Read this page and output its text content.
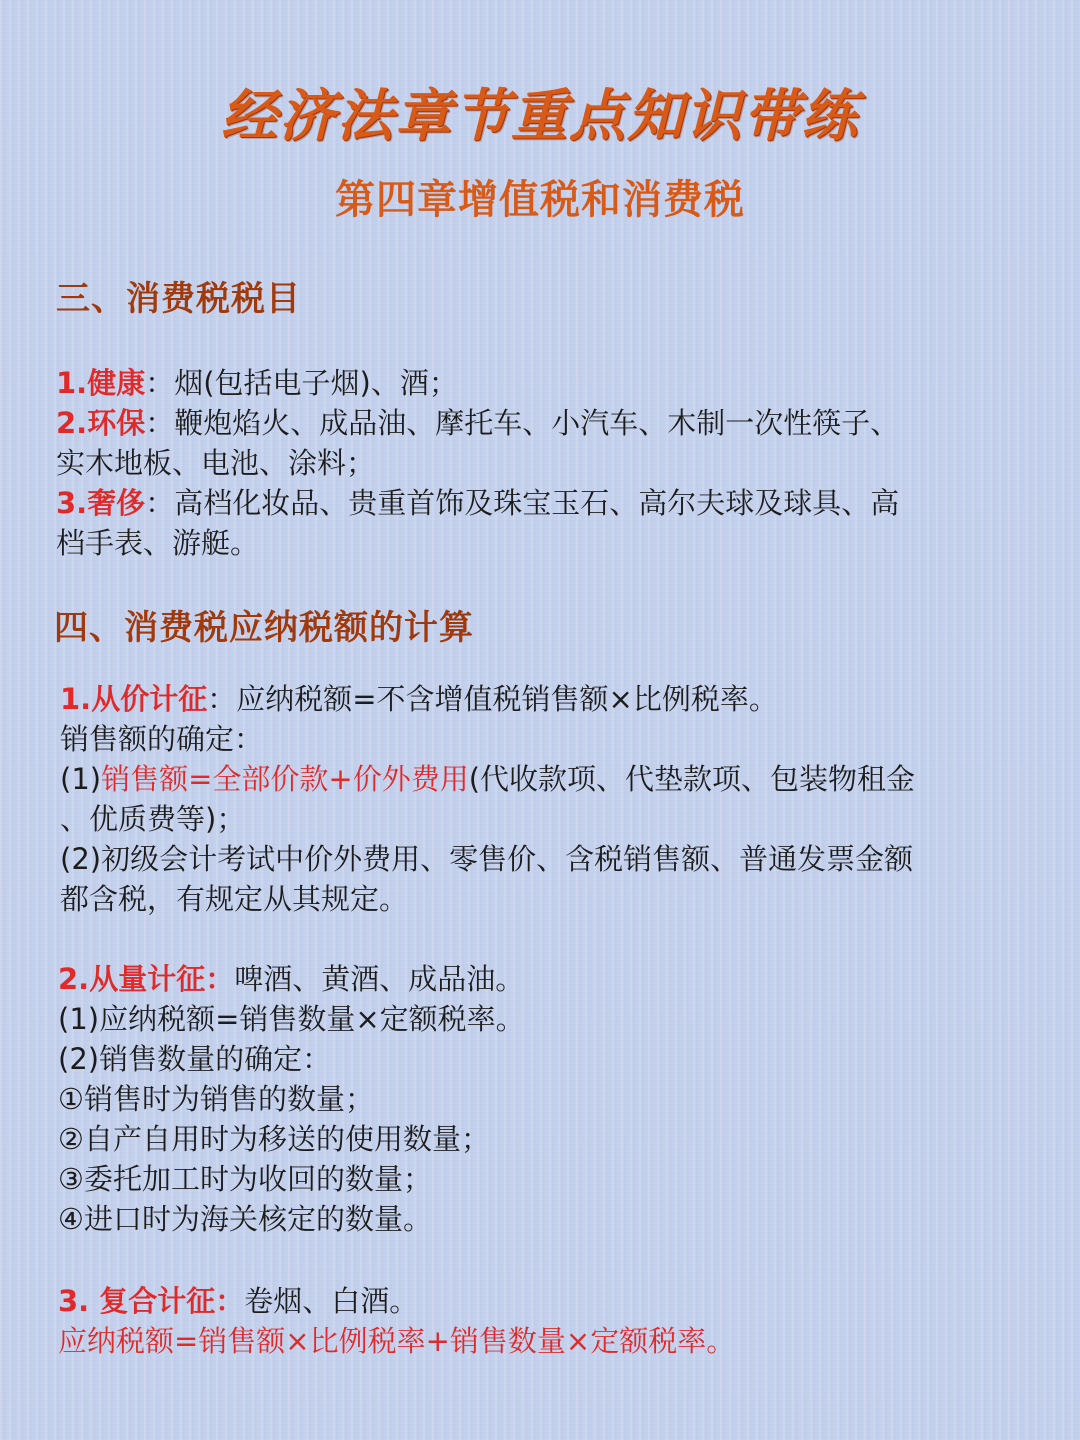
经济法章节重点知识带练
第四章增值税和消费税
三、消费税税目
1.健康：烟(包括电子烟)、酒；
2.环保：鞭炮焰火、成品油、摩托车、小汽车、木制一次性筷子、
实木地板、电池、涂料；
3.奢侈：高档化妆品、贵重首饰及珠宝玉石、高尔夫球及球具、高
档手表、游艇。
四、消费税应纳税额的计算
1.从价计征：应纳税额=不含增值税销售额×比例税率。
销售额的确定：
(1)销售额=全部价款+价外费用(代收款项、代垫款项、包装物租金
、优质费等)；
(2)初级会计考试中价外费用、零售价、含税销售额、普通发票金额
都含税，有规定从其规定。
2.从量计征：啤酒、黄酒、成品油。
(1)应纳税额=销售数量×定额税率。
(2)销售数量的确定：
①销售时为销售的数量；
②自产自用时为移送的使用数量；
③委托加工时为收回的数量；
④进口时为海关核定的数量。
3. 复合计征：卷烟、白酒。
应纳税额=销售额×比例税率+销售数量×定额税率。
